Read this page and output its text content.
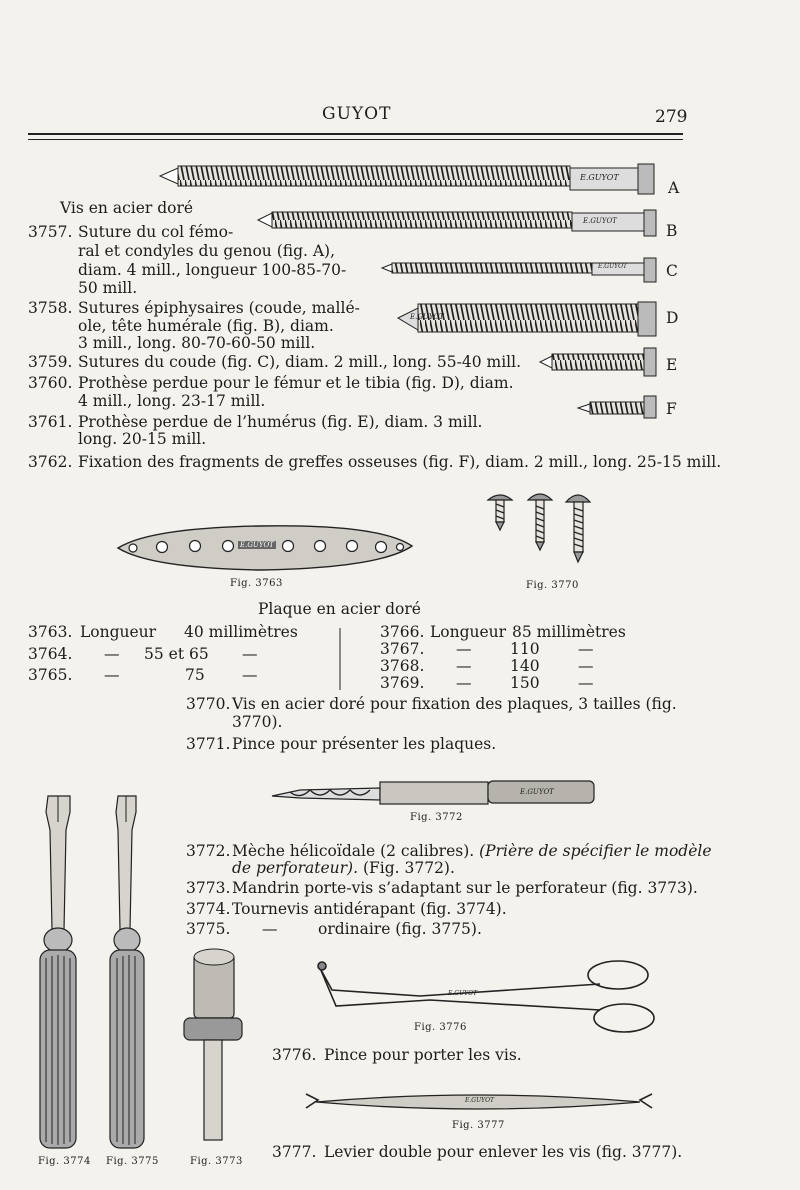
GUYOT	279
E.GUYOT
E.GUYOT
E.GUYOT
E.GUYOT
A
B
C
D
E
F
Vis en acier doré
3757. Suture du col fémo-
ral et condyles du genou (fig. A),
diam. 4 mill., longueur 100-85-70-
50 mill.
3758. Sutures épiphysaires (coude, mallé-
ole, tête humérale (fig. B), diam.
3 mill., long. 80-70-60-50 mill.
3759. Sutures du coude (fig. C), diam. 2 mill., long. 55-40 mill.
3760. Prothèse perdue pour le fémur et le tibia (fig. D), diam.
4 mill., long. 23-17 mill.
3761. Prothèse perdue de l’humérus (fig. E), diam. 3 mill.
long. 20-15 mill.
3762. Fixation des fragments de greffes osseuses (fig. F), diam. 2 mill., long. 25-15 mill.
E.GUYOT
Fig. 3763	Fig. 3770
Plaque en acier doré
3763. Longueur 40 millimètres
3764. — 55 et 65 —
3765. —	75 —
3766. Longueur 85 millimètres
3767. — 110 —
3768. — 140 —
3769. — 150 —
3770. Vis en acier doré pour fixation des plaques, 3 tailles (fig.
3770).
3771. Pince pour présenter les plaques.
E.GUYOT
Fig. 3772
3772. Mèche hélicoïdale (2 calibres). (Prière de spécifier le modèle
de perforateur). (Fig. 3772).
3773. Mandrin porte-vis s’adaptant sur le perforateur (fig. 3773).
3774. Tournevis antidérapant (fig. 3774).
3775. —	ordinaire (fig. 3775).
E.GUYOT
Fig. 3776
3776. Pince pour porter les vis.
E.GUYOT
Fig. 3777
Fig. 3774 Fig. 3775	Fig. 3773
3777. Levier double pour enlever les vis (fig. 3777).
